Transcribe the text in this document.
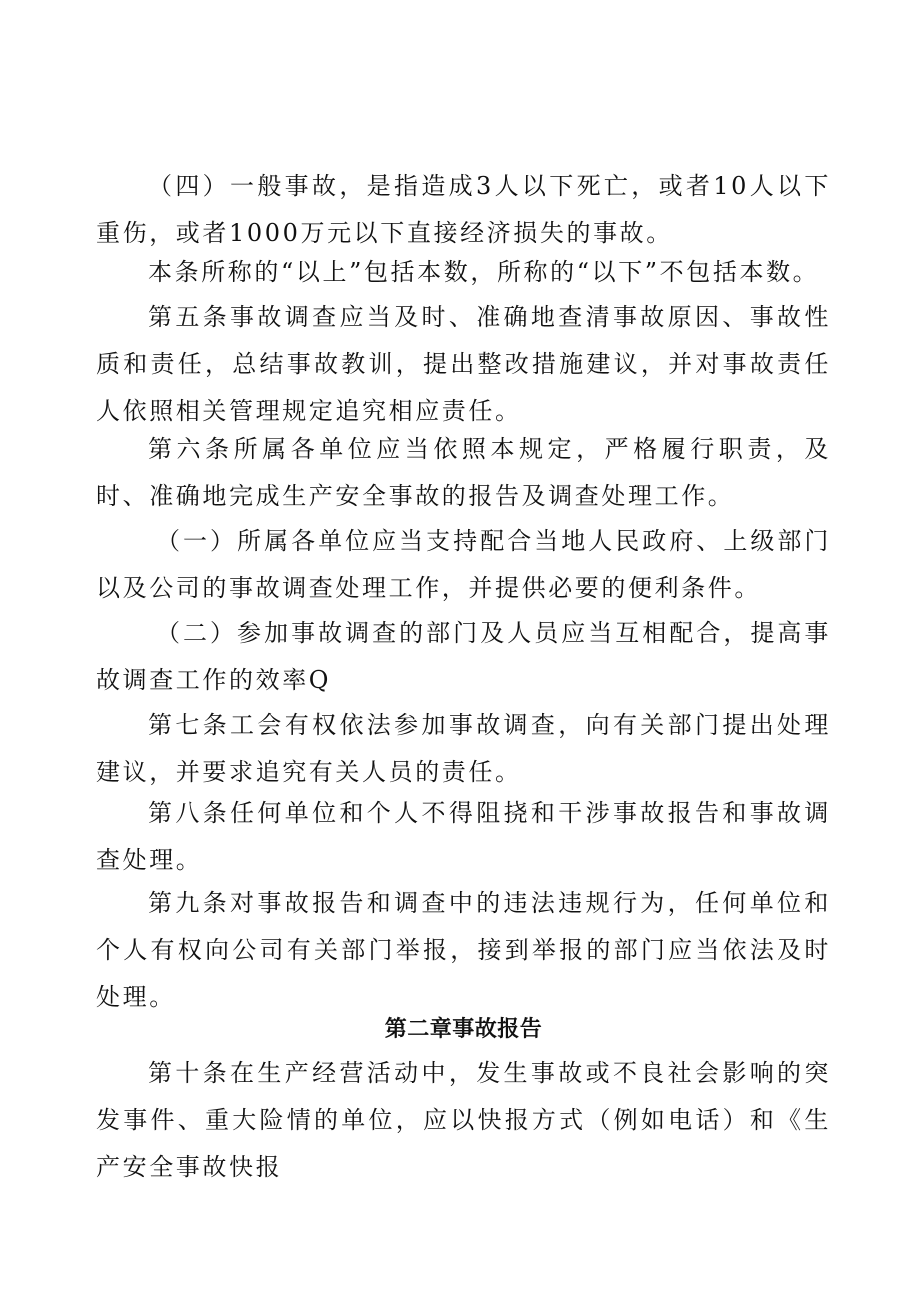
（四）一般事故，是指造成3人以下死亡，或者10人以下重伤，或者1000万元以下直接经济损失的事故。

本条所称的“以上”包括本数，所称的“以下”不包括本数。

第五条事故调查应当及时、准确地查清事故原因、事故性质和责任，总结事故教训，提出整改措施建议，并对事故责任人依照相关管理规定追究相应责任。

第六条所属各单位应当依照本规定，严格履行职责，及时、准确地完成生产安全事故的报告及调查处理工作。

（一）所属各单位应当支持配合当地人民政府、上级部门以及公司的事故调查处理工作，并提供必要的便利条件。

（二）参加事故调查的部门及人员应当互相配合，提高事故调查工作的效率Q

第七条工会有权依法参加事故调查，向有关部门提出处理建议，并要求追究有关人员的责任。

第八条任何单位和个人不得阻挠和干涉事故报告和事故调查处理。

第九条对事故报告和调查中的违法违规行为，任何单位和个人有权向公司有关部门举报，接到举报的部门应当依法及时处理。

第二章事故报告

第十条在生产经营活动中，发生事故或不良社会影响的突发事件、重大险情的单位，应以快报方式（例如电话）和《生产安全事故快报
